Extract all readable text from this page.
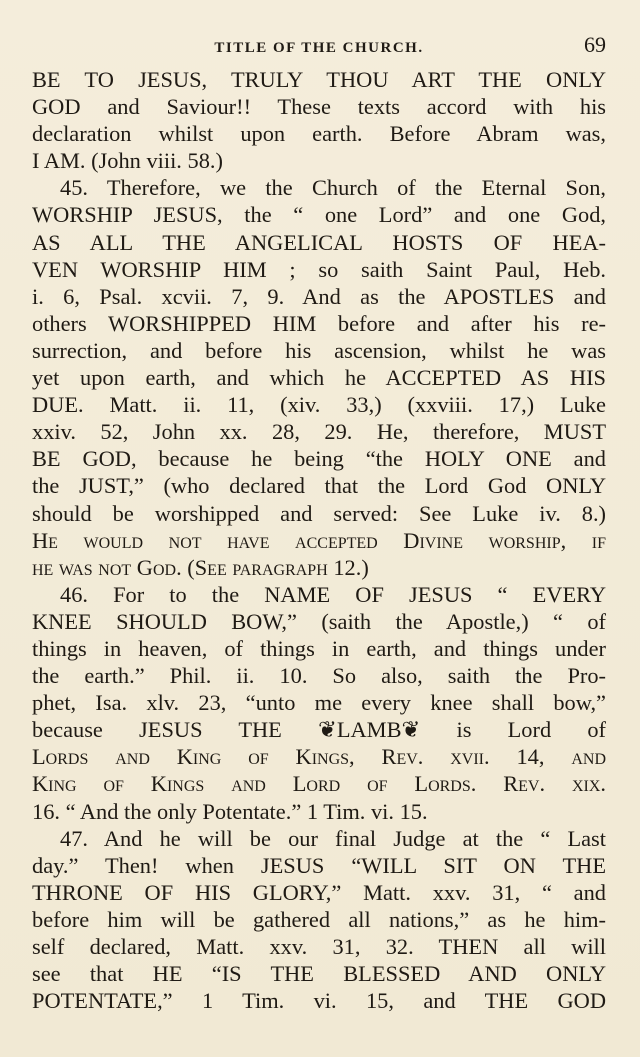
TITLE OF THE CHURCH.	69
BE TO JESUS, TRULY THOU ART THE ONLY
GOD and Saviour!! These texts accord with his
declaration whilst upon earth. Before Abram was,
I AM. (John viii. 58.)
45. Therefore, we the Church of the Eternal Son,
WORSHIP JESUS, the “ one Lord” and one God,
AS ALL THE ANGELICAL HOSTS OF HEA-
VEN WORSHIP HIM ; so saith Saint Paul, Heb.
i. 6, Psal. xcvii. 7, 9. And as the APOSTLES and
others WORSHIPPED HIM before and after his re-
surrection, and before his ascension, whilst he was
yet upon earth, and which he ACCEPTED AS HIS
DUE. Matt. ii. 11, (xiv. 33,) (xxviii. 17,) Luke
xxiv. 52, John xx. 28, 29. He, therefore, MUST
BE GOD, because he being “the HOLY ONE and
the JUST,” (who declared that the Lord God ONLY
should be worshipped and served: See Luke iv. 8.)
He would not have accepted Divine worship, if
he was not God. (See paragraph 12.)
46. For to the NAME OF JESUS “ EVERY
KNEE SHOULD BOW,” (saith the Apostle,) “ of
things in heaven, of things in earth, and things under
the earth.” Phil. ii. 10. So also, saith the Pro-
phet, Isa. xlv. 23, “unto me every knee shall bow,”
because JESUS THE ❦LAMB❦ is Lord of
Lords and King of Kings, Rev. xvii. 14, and
King of Kings and Lord of Lords. Rev. xix.
16. “ And the only Potentate.” 1 Tim. vi. 15.
47. And he will be our final Judge at the “ Last
day.” Then! when JESUS “WILL SIT ON THE
THRONE OF HIS GLORY,” Matt. xxv. 31, “ and
before him will be gathered all nations,” as he him-
self declared, Matt. xxv. 31, 32. THEN all will
see that HE “IS THE BLESSED AND ONLY
POTENTATE,” 1 Tim. vi. 15, and THE GOD
